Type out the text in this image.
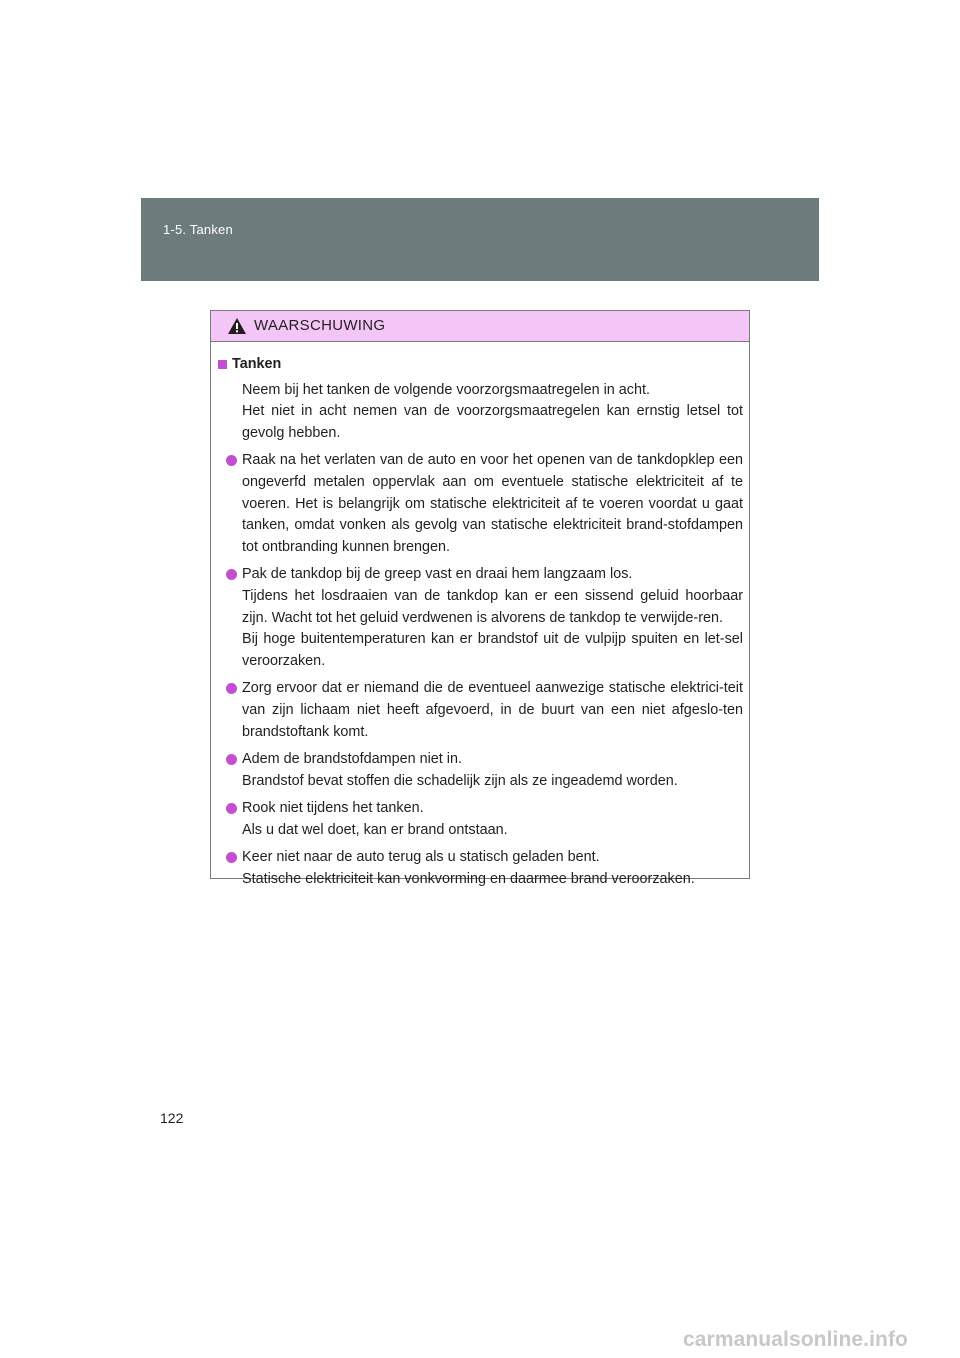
1-5. Tanken
WAARSCHUWING
Tanken

Neem bij het tanken de volgende voorzorgsmaatregelen in acht.

Het niet in acht nemen van de voorzorgsmaatregelen kan ernstig letsel tot gevolg hebben.

Raak na het verlaten van de auto en voor het openen van de tankdopklep een ongeverfd metalen oppervlak aan om eventuele statische elektriciteit af te voeren. Het is belangrijk om statische elektriciteit af te voeren voordat u gaat tanken, omdat vonken als gevolg van statische elektriciteit brand-stofdampen tot ontbranding kunnen brengen.
Pak de tankdop bij de greep vast en draai hem langzaam los.
Tijdens het losdraaien van de tankdop kan er een sissend geluid hoorbaar zijn. Wacht tot het geluid verdwenen is alvorens de tankdop te verwijde-ren.
Bij hoge buitentemperaturen kan er brandstof uit de vulpijp spuiten en let-sel veroorzaken.
Zorg ervoor dat er niemand die de eventueel aanwezige statische elektrici-teit van zijn lichaam niet heeft afgevoerd, in de buurt van een niet afgeslo-ten brandstoftank komt.
Adem de brandstofdampen niet in.
Brandstof bevat stoffen die schadelijk zijn als ze ingeademd worden.
Rook niet tijdens het tanken.
Als u dat wel doet, kan er brand ontstaan.
Keer niet naar de auto terug als u statisch geladen bent.
Statische elektriciteit kan vonkvorming en daarmee brand veroorzaken.
122
carmanualsonline.info
